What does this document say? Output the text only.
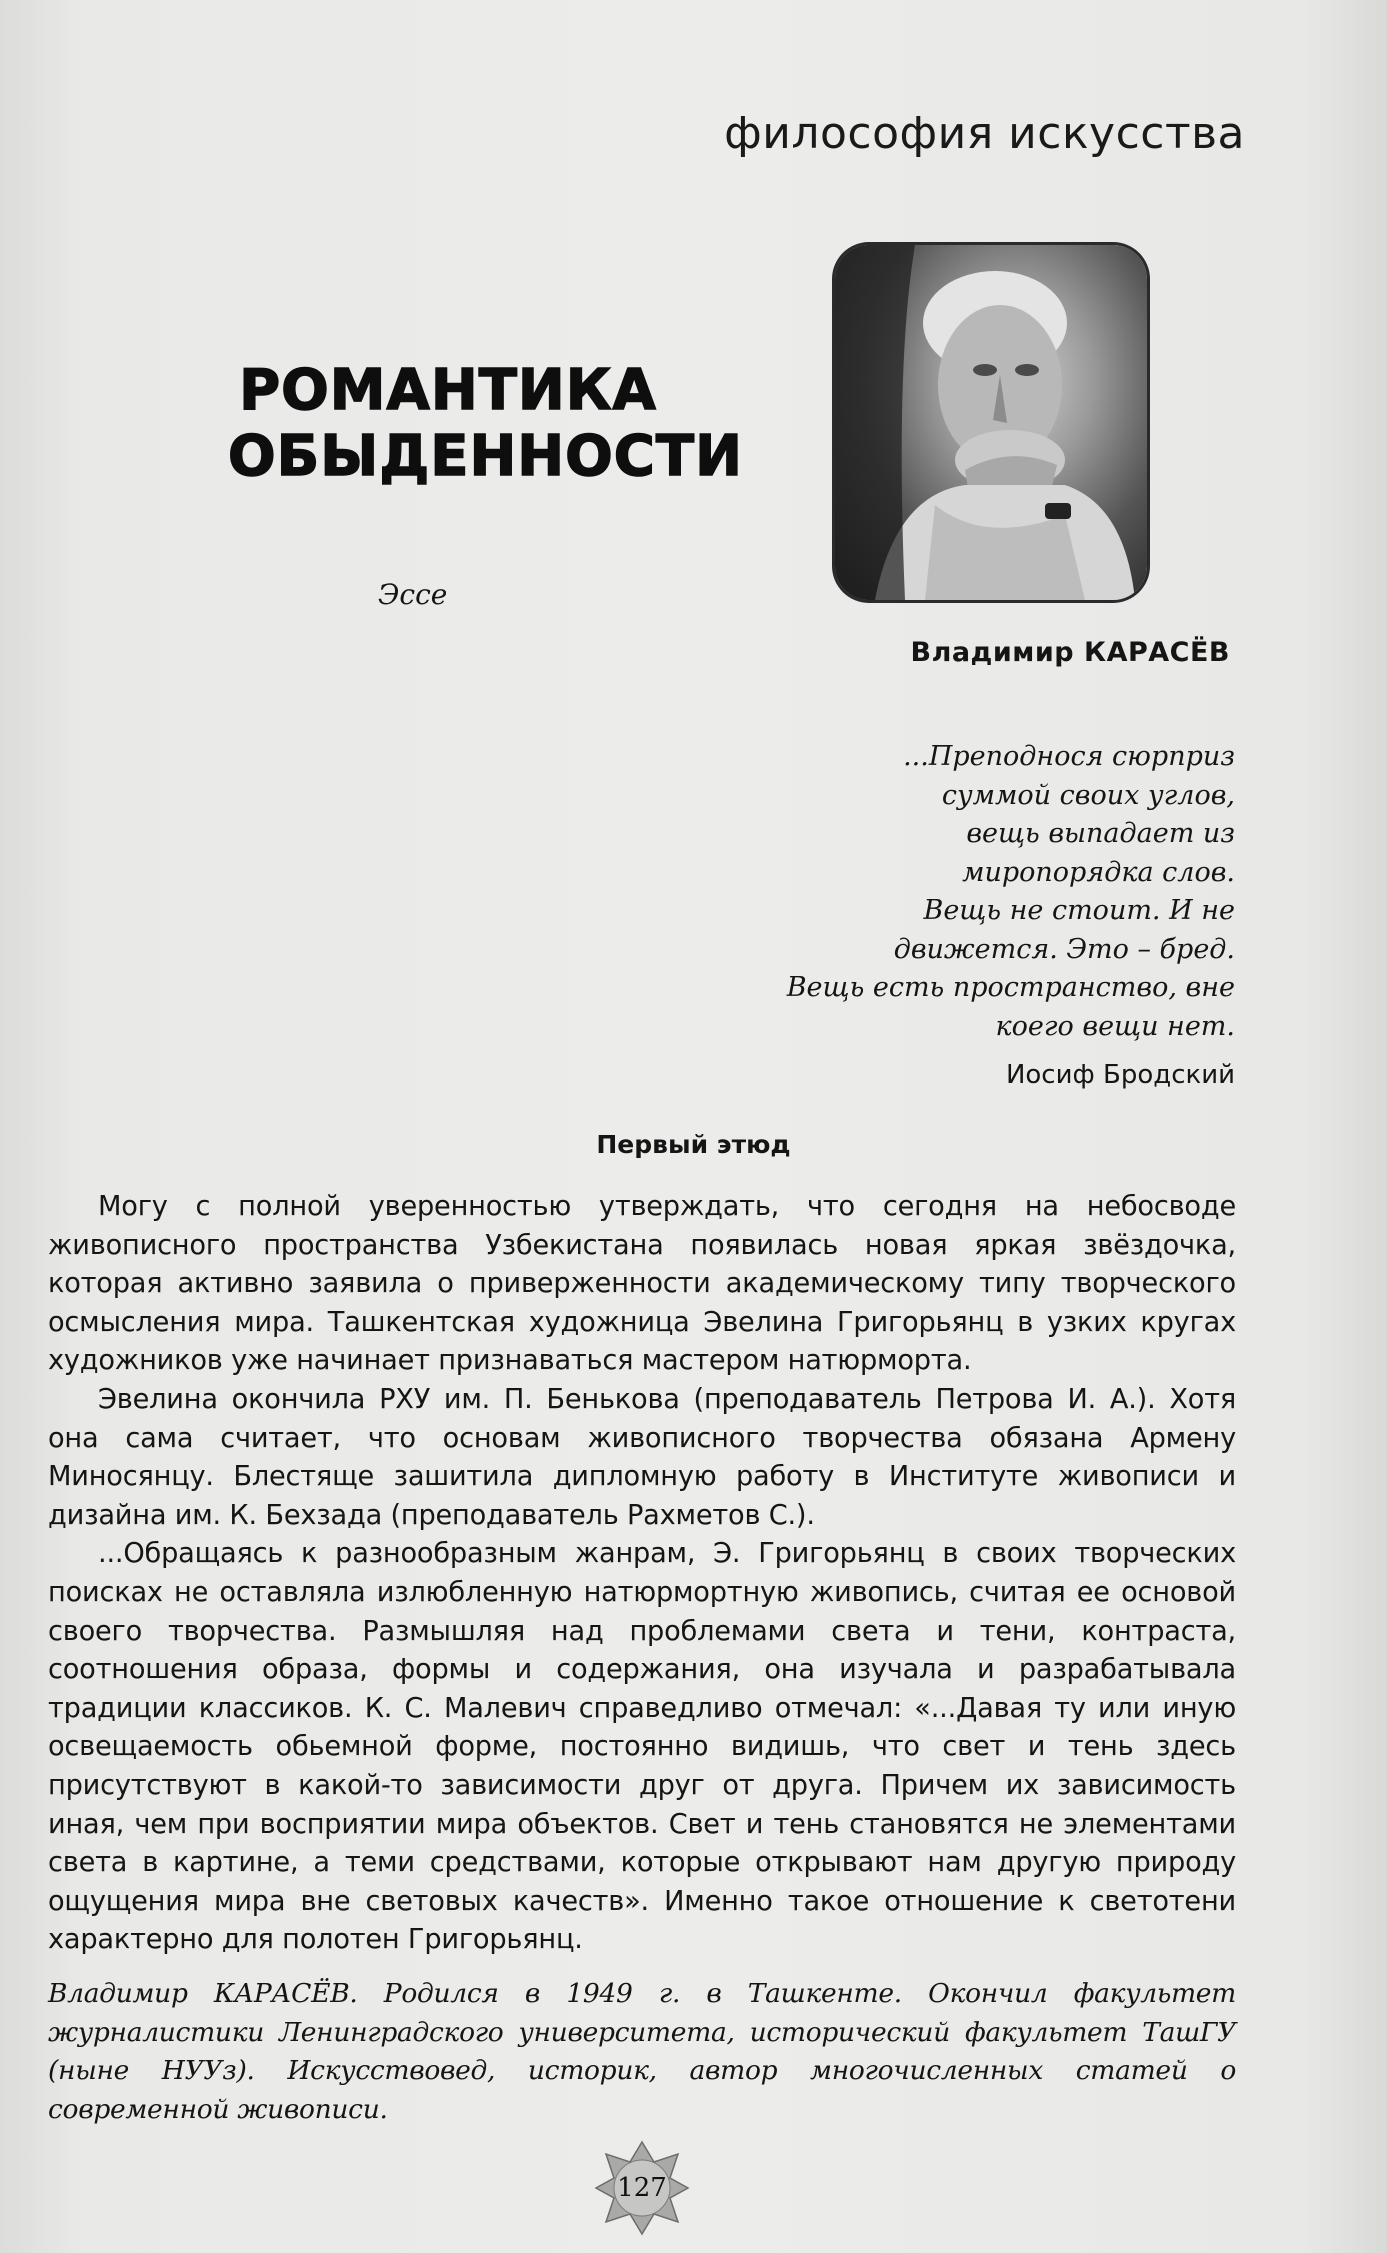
философия искусства
РОМАНТИКА
ОБЫДЕННОСТИ
Эссе
Владимир КАРАСЁВ
...Преподнося сюрприз
суммой своих углов,
вещь выпадает из
миропорядка слов.
Вещь не стоит. И не
движется. Это – бред.
Вещь есть пространство, вне
коего вещи нет.
Иосиф Бродский
Первый этюд

Могу с полной уверенностью утверждать, что сегодня на небосводе живописного пространства Узбекистана появилась новая яркая звёздочка, которая активно заявила о приверженности академическому типу творческого осмысления мира. Ташкентская художница Эвелина Григорьянц в узких кругах художников уже начинает признаваться мастером натюрморта.

Эвелина окончила РХУ им. П. Бенькова (преподаватель Петрова И. А.). Хотя она сама считает, что основам живописного творчества обязана Армену Миносянцу. Блестяще зашитила дипломную работу в Институте живописи и дизайна им. К. Бехзада (преподаватель Рахметов С.).

...Обращаясь к разнообразным жанрам, Э. Григорьянц в своих творческих поисках не оставляла излюбленную натюрмортную живопись, считая ее основой своего творчества. Размышляя над проблемами света и тени, контраста, соотношения образа, формы и содержания, она изучала и разрабатывала традиции классиков. К. С. Малевич справедливо отмечал: «...Давая ту или иную освещаемость обьемной форме, постоянно видишь, что свет и тень здесь присутствуют в какой-то зависимости друг от друга. Причем их зависимость иная, чем при восприятии мира объектов. Свет и тень становятся не элементами света в картине, а теми средствами, которые открывают нам другую природу ощущения мира вне световых качеств». Именно такое отношение к светотени характерно для полотен Григорьянц.

Владимир КАРАСЁВ. Родился в 1949 г. в Ташкенте. Окончил факультет журналистики Ленинградского университета, исторический факультет ТашГУ (ныне НУУз). Искусствовед, историк, автор многочисленных статей о современной живописи.
127
